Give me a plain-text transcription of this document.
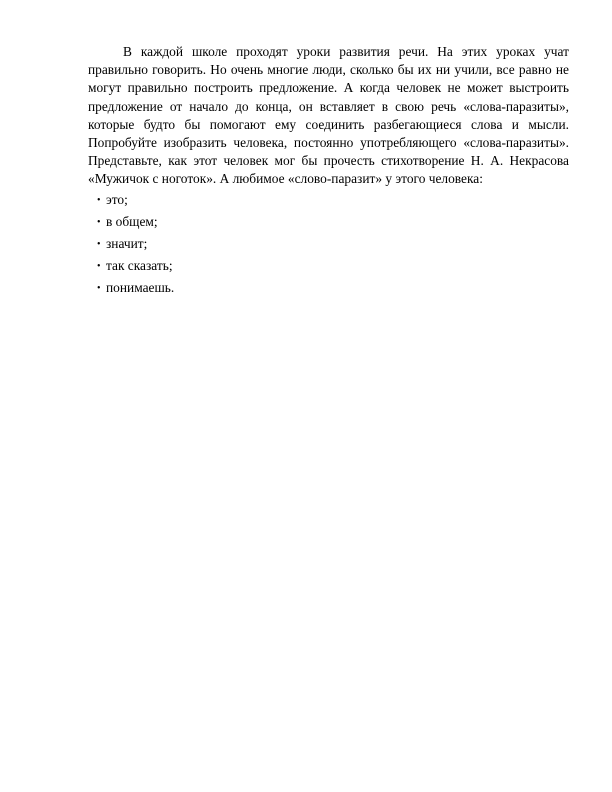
В каждой школе проходят уроки развития речи. На этих уроках учат правильно говорить. Но очень многие люди, сколько бы их ни учили, все равно не могут правильно построить предложение. А когда человек не может выстроить предложение от начало до конца, он вставляет в свою речь «слова-паразиты», которые будто бы помогают ему соединить разбегающиеся слова и мысли. Попробуйте изобразить человека, постоянно употребляющего «слова-паразиты». Представьте, как этот человек мог бы прочесть стихотворение Н. А. Некрасова «Мужичок с ноготок». А любимое «слово-паразит» у этого человека:

• это;
• в общем;
• значит;
• так сказать;
• понимаешь.
